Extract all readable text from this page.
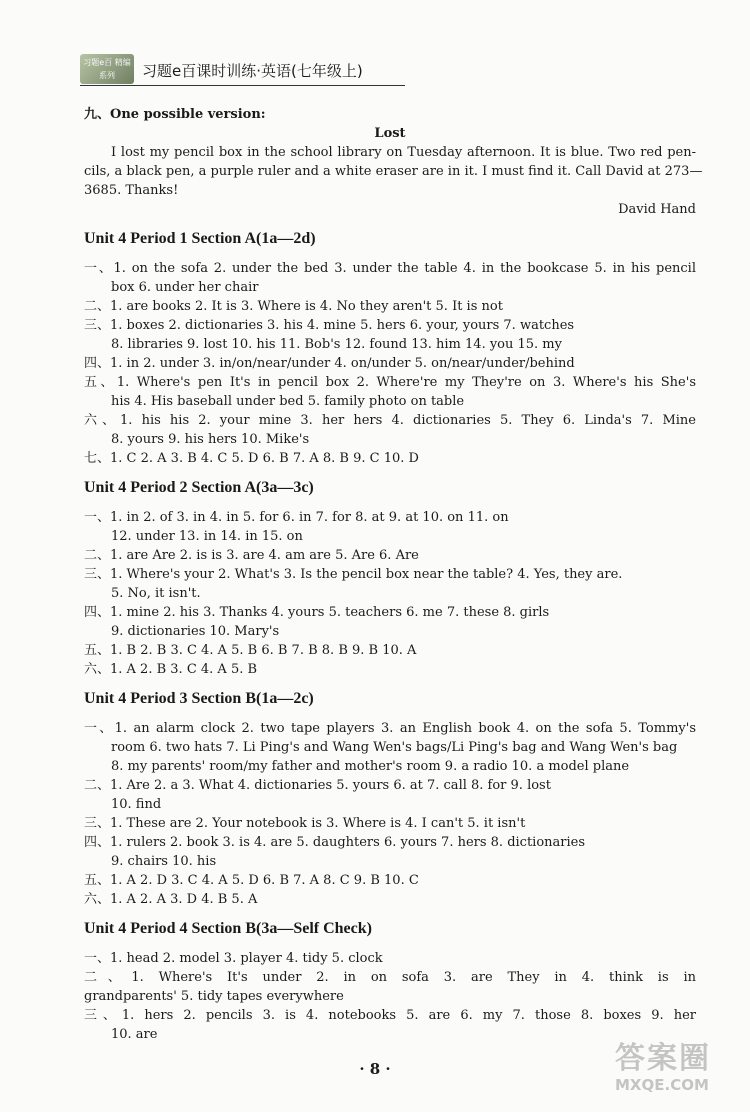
习题e百 精编系列	习题e百课时训练·英语(七年级上)
九、One possible version:
Lost
I lost my pencil box in the school library on Tuesday afternoon. It is blue. Two red pen-
cils, a black pen, a purple ruler and a white eraser are in it. I must find it. Call David at 273—
3685. Thanks!
David Hand
Unit 4 Period 1 Section A(1a—2d)
一、1. on the sofa 2. under the bed 3. under the table 4. in the bookcase 5. in his pencil
box 6. under her chair
二、1. are books 2. It is 3. Where is 4. No they aren't 5. It is not
三、1. boxes 2. dictionaries 3. his 4. mine 5. hers 6. your, yours 7. watches
8. libraries 9. lost 10. his 11. Bob's 12. found 13. him 14. you 15. my
四、1. in 2. under 3. in/on/near/under 4. on/under 5. on/near/under/behind
五、1. Where's pen It's in pencil box 2. Where're my They're on 3. Where's his She's
his 4. His baseball under bed 5. family photo on table
六、1. his his 2. your mine 3. her hers 4. dictionaries 5. They 6. Linda's 7. Mine
8. yours 9. his hers 10. Mike's
七、1. C 2. A 3. B 4. C 5. D 6. B 7. A 8. B 9. C 10. D
Unit 4 Period 2 Section A(3a—3c)
一、1. in 2. of 3. in 4. in 5. for 6. in 7. for 8. at 9. at 10. on 11. on
12. under 13. in 14. in 15. on
二、1. are Are 2. is is 3. are 4. am are 5. Are 6. Are
三、1. Where's your 2. What's 3. Is the pencil box near the table? 4. Yes, they are.
5. No, it isn't.
四、1. mine 2. his 3. Thanks 4. yours 5. teachers 6. me 7. these 8. girls
9. dictionaries 10. Mary's
五、1. B 2. B 3. C 4. A 5. B 6. B 7. B 8. B 9. B 10. A
六、1. A 2. B 3. C 4. A 5. B
Unit 4 Period 3 Section B(1a—2c)
一、1. an alarm clock 2. two tape players 3. an English book 4. on the sofa 5. Tommy's
room 6. two hats 7. Li Ping's and Wang Wen's bags/Li Ping's bag and Wang Wen's bag
8. my parents' room/my father and mother's room 9. a radio 10. a model plane
二、1. Are 2. a 3. What 4. dictionaries 5. yours 6. at 7. call 8. for 9. lost
10. find
三、1. These are 2. Your notebook is 3. Where is 4. I can't 5. it isn't
四、1. rulers 2. book 3. is 4. are 5. daughters 6. yours 7. hers 8. dictionaries
9. chairs 10. his
五、1. A 2. D 3. C 4. A 5. D 6. B 7. A 8. C 9. B 10. C
六、1. A 2. A 3. D 4. B 5. A
Unit 4 Period 4 Section B(3a—Self Check)
一、1. head 2. model 3. player 4. tidy 5. clock
二、1. Where's It's under 2. in on sofa 3. are They in 4. think is in
grandparents' 5. tidy tapes everywhere
三、1. hers 2. pencils 3. is 4. notebooks 5. are 6. my 7. those 8. boxes 9. her
10. are
· 8 ·	答案圈
MXQE.COM
